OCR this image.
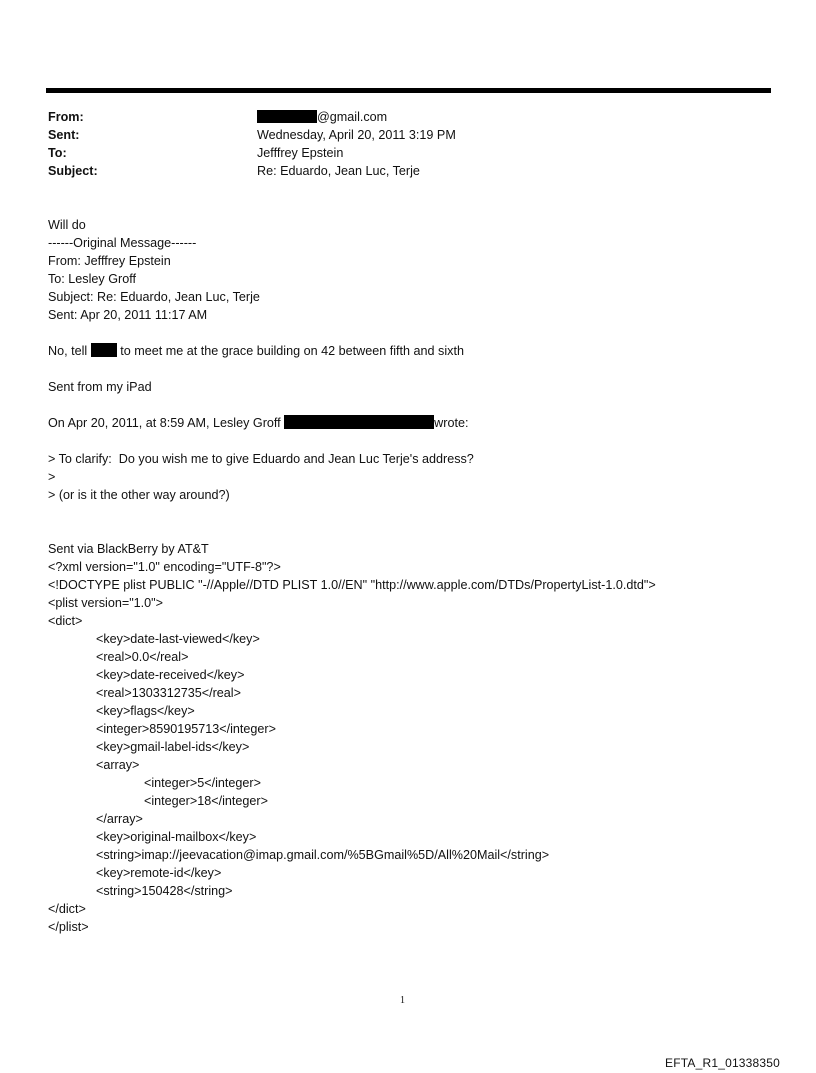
From:	@gmail.com
Sent:	Wednesday, April 20, 2011 3:19 PM
To:	Jefffrey Epstein
Subject:	Re: Eduardo, Jean Luc, Terje
Will do
------Original Message------
From: Jefffrey Epstein
To: Lesley Groff
Subject: Re: Eduardo, Jean Luc, Terje
Sent: Apr 20, 2011 11:17 AM
No, tell  to meet me at the grace building on 42 between fifth and sixth
Sent from my iPad
On Apr 20, 2011, at 8:59 AM, Lesley Groff	wrote:
> To clarify:  Do you wish me to give Eduardo and Jean Luc Terje's address?
>
> (or is it the other way around?)
Sent via BlackBerry by AT&T
<?xml version="1.0" encoding="UTF-8"?>
<!DOCTYPE plist PUBLIC "-//Apple//DTD PLIST 1.0//EN" "http://www.apple.com/DTDs/PropertyList-1.0.dtd">
<plist version="1.0">
<dict>
<key>date-last-viewed</key>
<real>0.0</real>
<key>date-received</key>
<real>1303312735</real>
<key>flags</key>
<integer>8590195713</integer>
<key>gmail-label-ids</key>
<array>
<integer>5</integer>
<integer>18</integer>
</array>
<key>original-mailbox</key>
<string>imap://jeevacation@imap.gmail.com/%5BGmail%5D/All%20Mail</string>
<key>remote-id</key>
<string>150428</string>
</dict>
</plist>
1
EFTA_R1_01338350
